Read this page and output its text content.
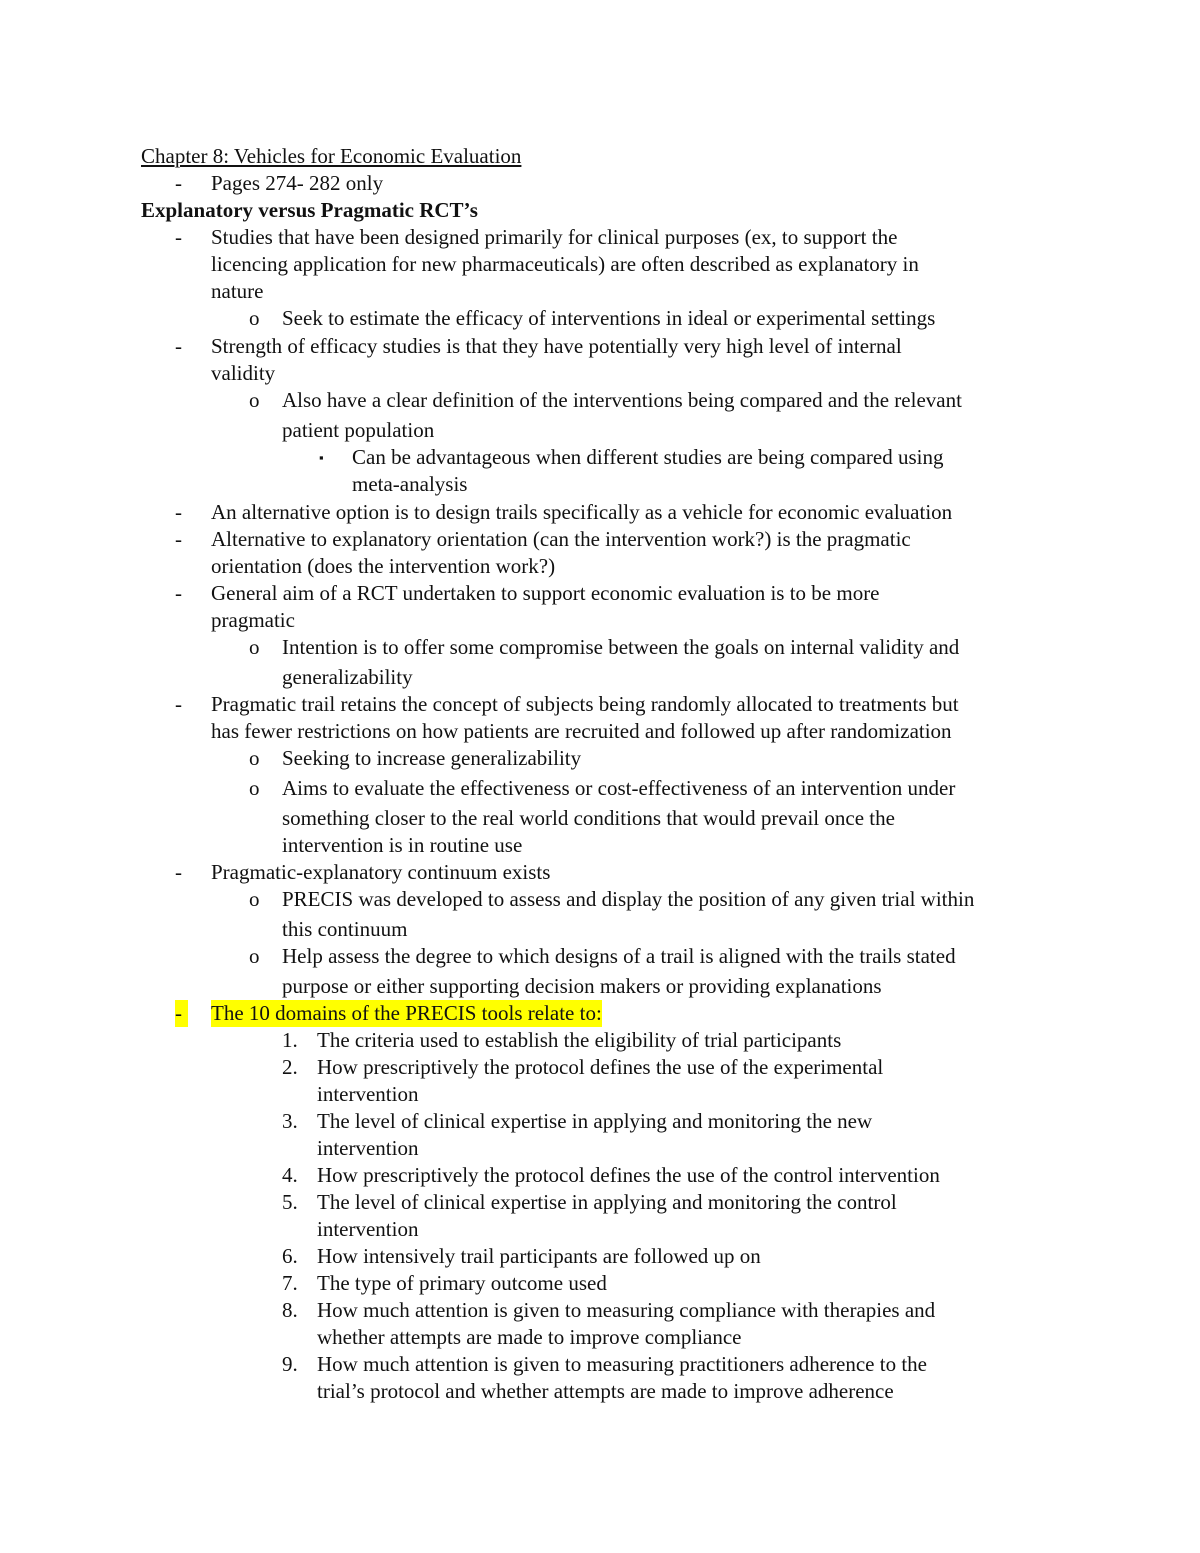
Chapter 8: Vehicles for Economic Evaluation
- Pages 274- 282 only
Explanatory versus Pragmatic RCT’s
- Studies that have been designed primarily for clinical purposes (ex, to support the
licencing application for new pharmaceuticals) are often described as explanatory in
nature
o Seek to estimate the efficacy of interventions in ideal or experimental settings
- Strength of efficacy studies is that they have potentially very high level of internal
validity
o Also have a clear definition of the interventions being compared and the relevant
patient population
▪ Can be advantageous when different studies are being compared using
meta-analysis
- An alternative option is to design trails specifically as a vehicle for economic evaluation
- Alternative to explanatory orientation (can the intervention work?) is the pragmatic
orientation (does the intervention work?)
- General aim of a RCT undertaken to support economic evaluation is to be more
pragmatic
o Intention is to offer some compromise between the goals on internal validity and
generalizability
- Pragmatic trail retains the concept of subjects being randomly allocated to treatments but
has fewer restrictions on how patients are recruited and followed up after randomization
o Seeking to increase generalizability
o Aims to evaluate the effectiveness or cost-effectiveness of an intervention under
something closer to the real world conditions that would prevail once the
intervention is in routine use
- Pragmatic-explanatory continuum exists
o PRECIS was developed to assess and display the position of any given trial within
this continuum
o Help assess the degree to which designs of a trail is aligned with the trails stated
purpose or either supporting decision makers or providing explanations
- The 10 domains of the PRECIS tools relate to:
1. The criteria used to establish the eligibility of trial participants
2. How prescriptively the protocol defines the use of the experimental
intervention
3. The level of clinical expertise in applying and monitoring the new
intervention
4. How prescriptively the protocol defines the use of the control intervention
5. The level of clinical expertise in applying and monitoring the control
intervention
6. How intensively trail participants are followed up on
7. The type of primary outcome used
8. How much attention is given to measuring compliance with therapies and
whether attempts are made to improve compliance
9. How much attention is given to measuring practitioners adherence to the
trial’s protocol and whether attempts are made to improve adherence
